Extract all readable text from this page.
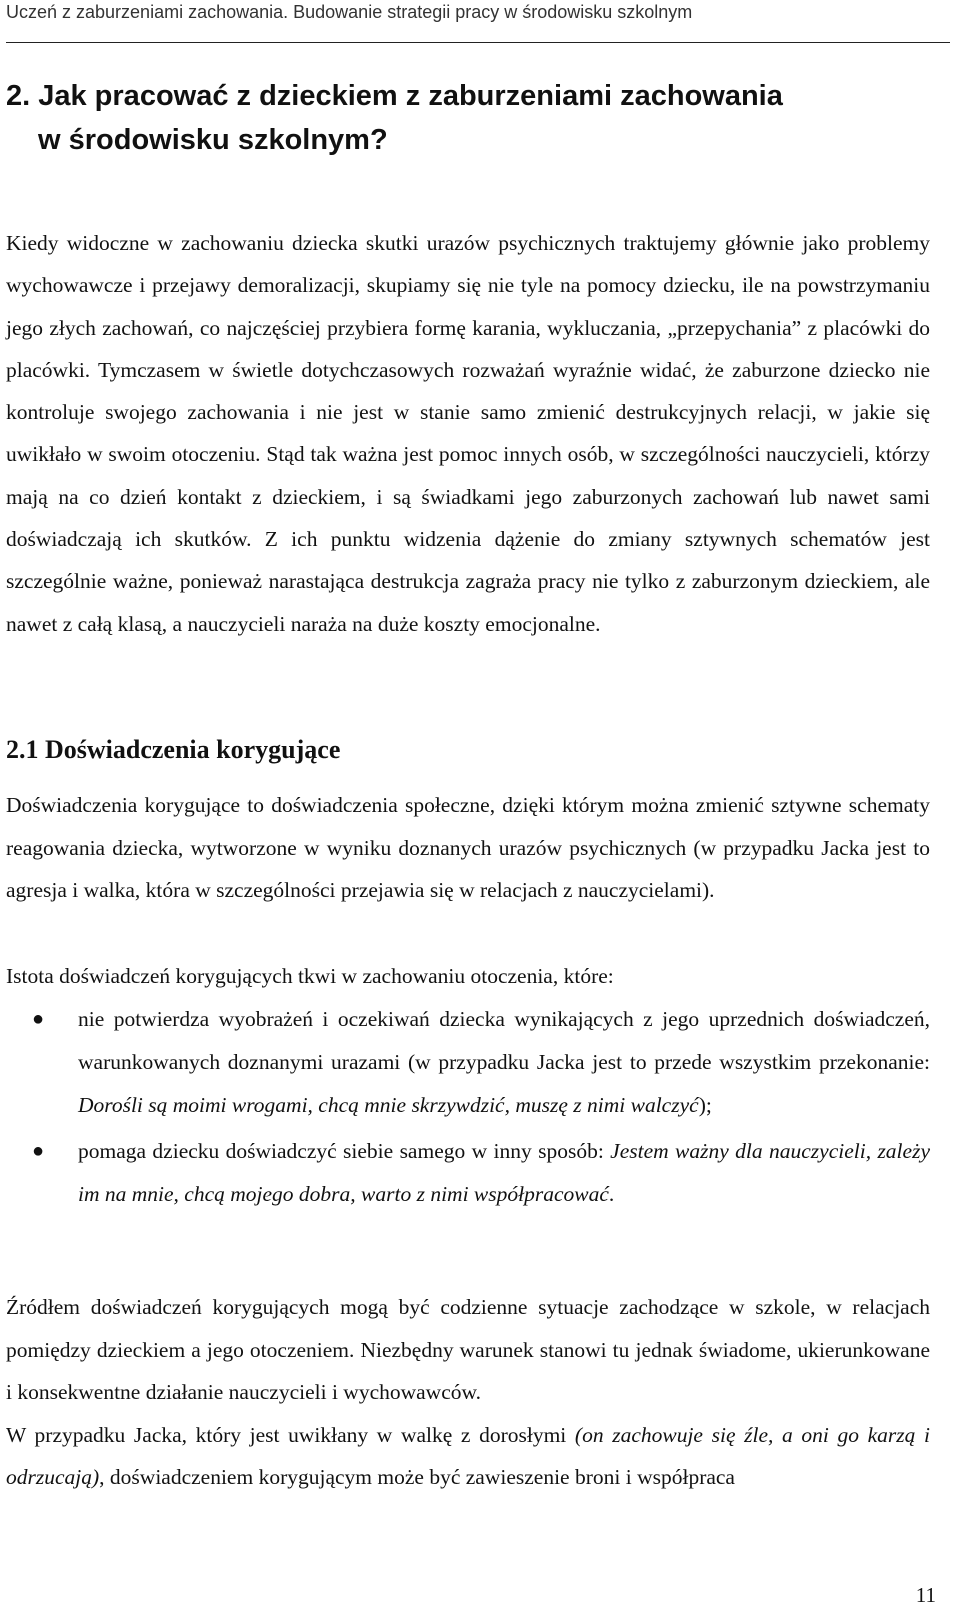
Uczeń z zaburzeniami zachowania. Budowanie strategii pracy w środowisku szkolnym
2. Jak pracować z dzieckiem z zaburzeniami zachowania
w środowisku szkolnym?

Kiedy widoczne w zachowaniu dziecka skutki urazów psychicznych traktujemy głównie jako problemy wychowawcze i przejawy demoralizacji, skupiamy się nie tyle na pomocy dziecku, ile na powstrzymaniu jego złych zachowań, co najczęściej przybiera formę karania, wykluczania, „przepychania” z placówki do placówki. Tymczasem w świetle dotychczasowych rozważań wyraźnie widać, że zaburzone dziecko nie kontroluje swojego zachowania i nie jest w stanie samo zmienić destrukcyjnych relacji, w jakie się uwikłało w swoim otoczeniu. Stąd tak ważna jest pomoc innych osób, w szczególności nauczycieli, którzy mają na co dzień kontakt z dzieckiem, i są świadkami jego zaburzonych zachowań lub nawet sami doświadczają ich skutków. Z ich punktu widzenia dążenie do zmiany sztywnych schematów jest szczególnie ważne, ponieważ narastająca destrukcja zagraża pracy nie tylko z zaburzonym dzieckiem, ale nawet z całą klasą, a nauczycieli naraża na duże koszty emocjonalne.

2.1 Doświadczenia korygujące

Doświadczenia korygujące to doświadczenia społeczne, dzięki którym można zmienić sztywne schematy reagowania dziecka, wytworzone w wyniku doznanych urazów psychicznych (w przypadku Jacka jest to agresja i walka, która w szczególności przejawia się w relacjach z nauczycielami).

Istota doświadczeń korygujących tkwi w zachowaniu otoczenia, które:

● nie potwierdza wyobrażeń i oczekiwań dziecka wynikających z jego uprzednich doświadczeń, warunkowanych doznanymi urazami (w przypadku Jacka jest to przede wszystkim przekonanie: Dorośli są moimi wrogami, chcą mnie skrzywdzić, muszę z nimi walczyć);
● pomaga dziecku doświadczyć siebie samego w inny sposób: Jestem ważny dla nauczycieli, zależy im na mnie, chcą mojego dobra, warto z nimi współpracować.

Źródłem doświadczeń korygujących mogą być codzienne sytuacje zachodzące w szkole, w relacjach pomiędzy dzieckiem a jego otoczeniem. Niezbędny warunek stanowi tu jednak świadome, ukierunkowane i konsekwentne działanie nauczycieli i wychowawców.

W przypadku Jacka, który jest uwikłany w walkę z dorosłymi (on zachowuje się źle, a oni go karzą i odrzucają), doświadczeniem korygującym może być zawieszenie broni i współpraca

11
